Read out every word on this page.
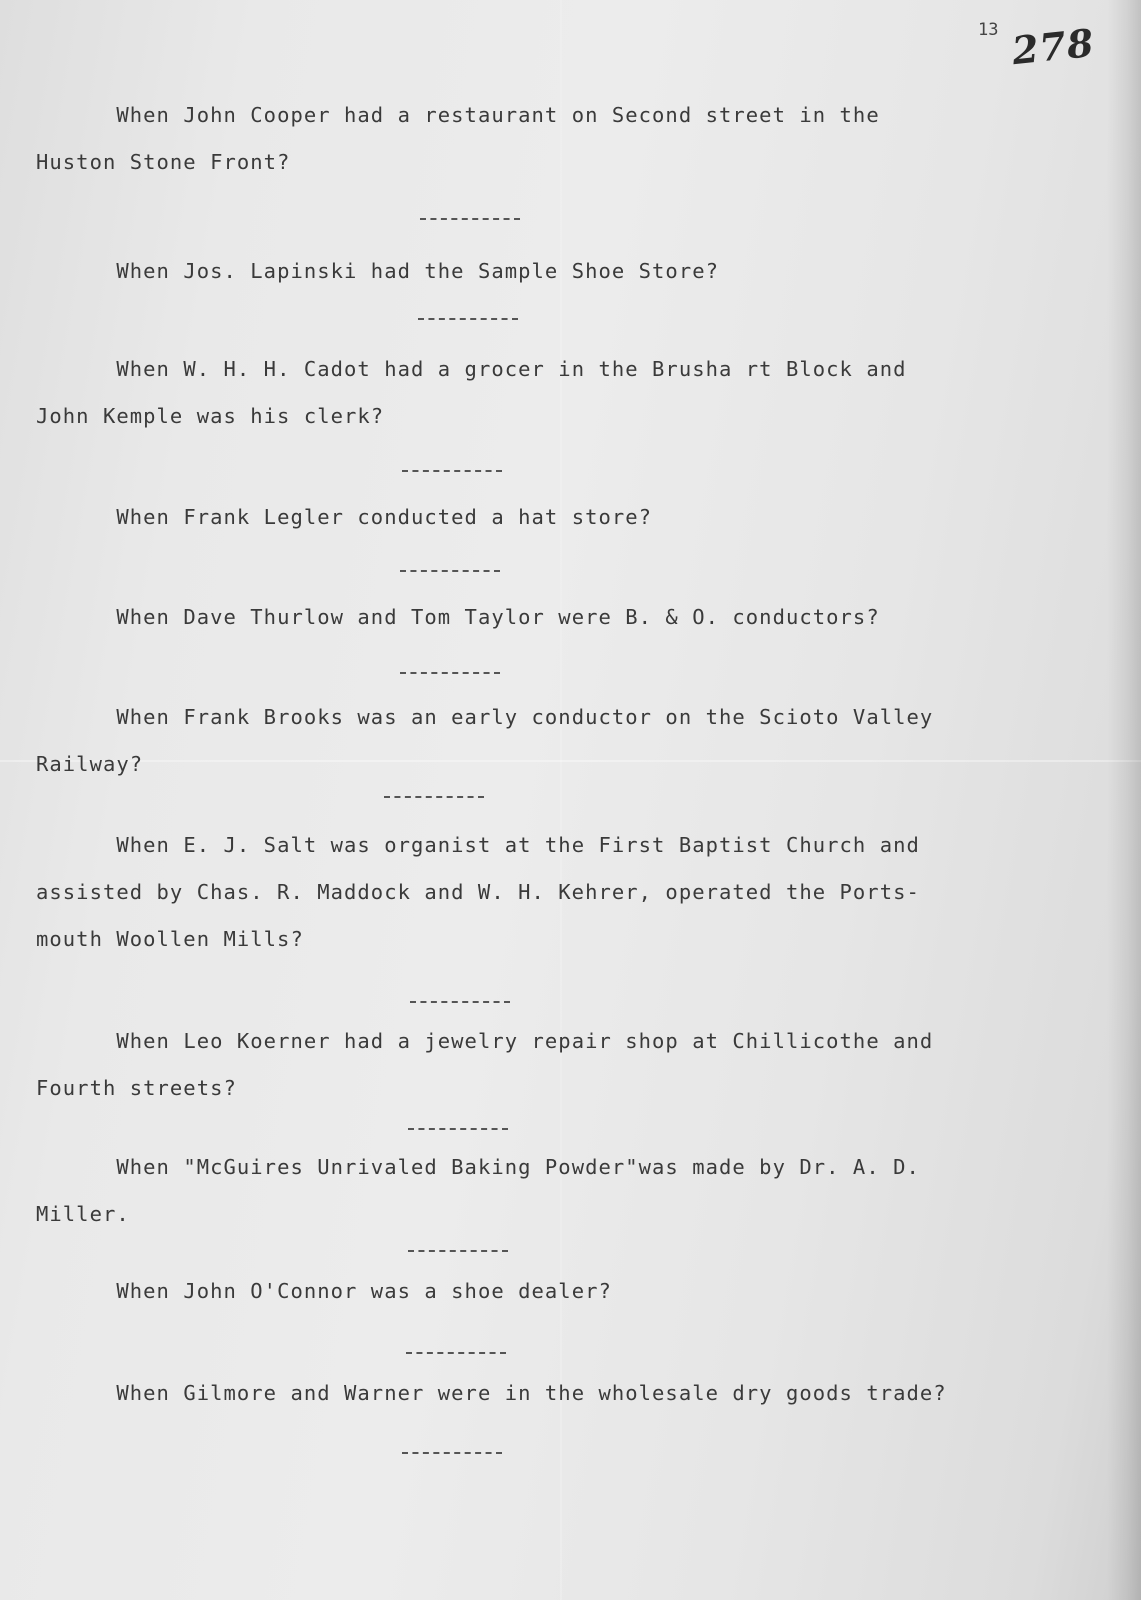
13 278
When John Cooper had a restaurant on Second street in the
Huston Stone Front?
When Jos. Lapinski had the Sample Shoe Store?
When W. H. H. Cadot had a grocer in the Brusha rt Block and
John Kemple was his clerk?
When Frank Legler conducted a hat store?
When Dave Thurlow and Tom Taylor were B. & O. conductors?
When Frank Brooks was an early conductor on the Scioto Valley
Railway?
When E. J. Salt was organist at the First Baptist Church and
assisted by Chas. R. Maddock and W. H. Kehrer, operated the Ports-
mouth Woollen Mills?
When Leo Koerner had a jewelry repair shop at Chillicothe and
Fourth streets?
When "McGuires Unrivaled Baking Powder"was made by Dr. A. D.
Miller.
When John O'Connor was a shoe dealer?
When Gilmore and Warner were in the wholesale dry goods trade?
